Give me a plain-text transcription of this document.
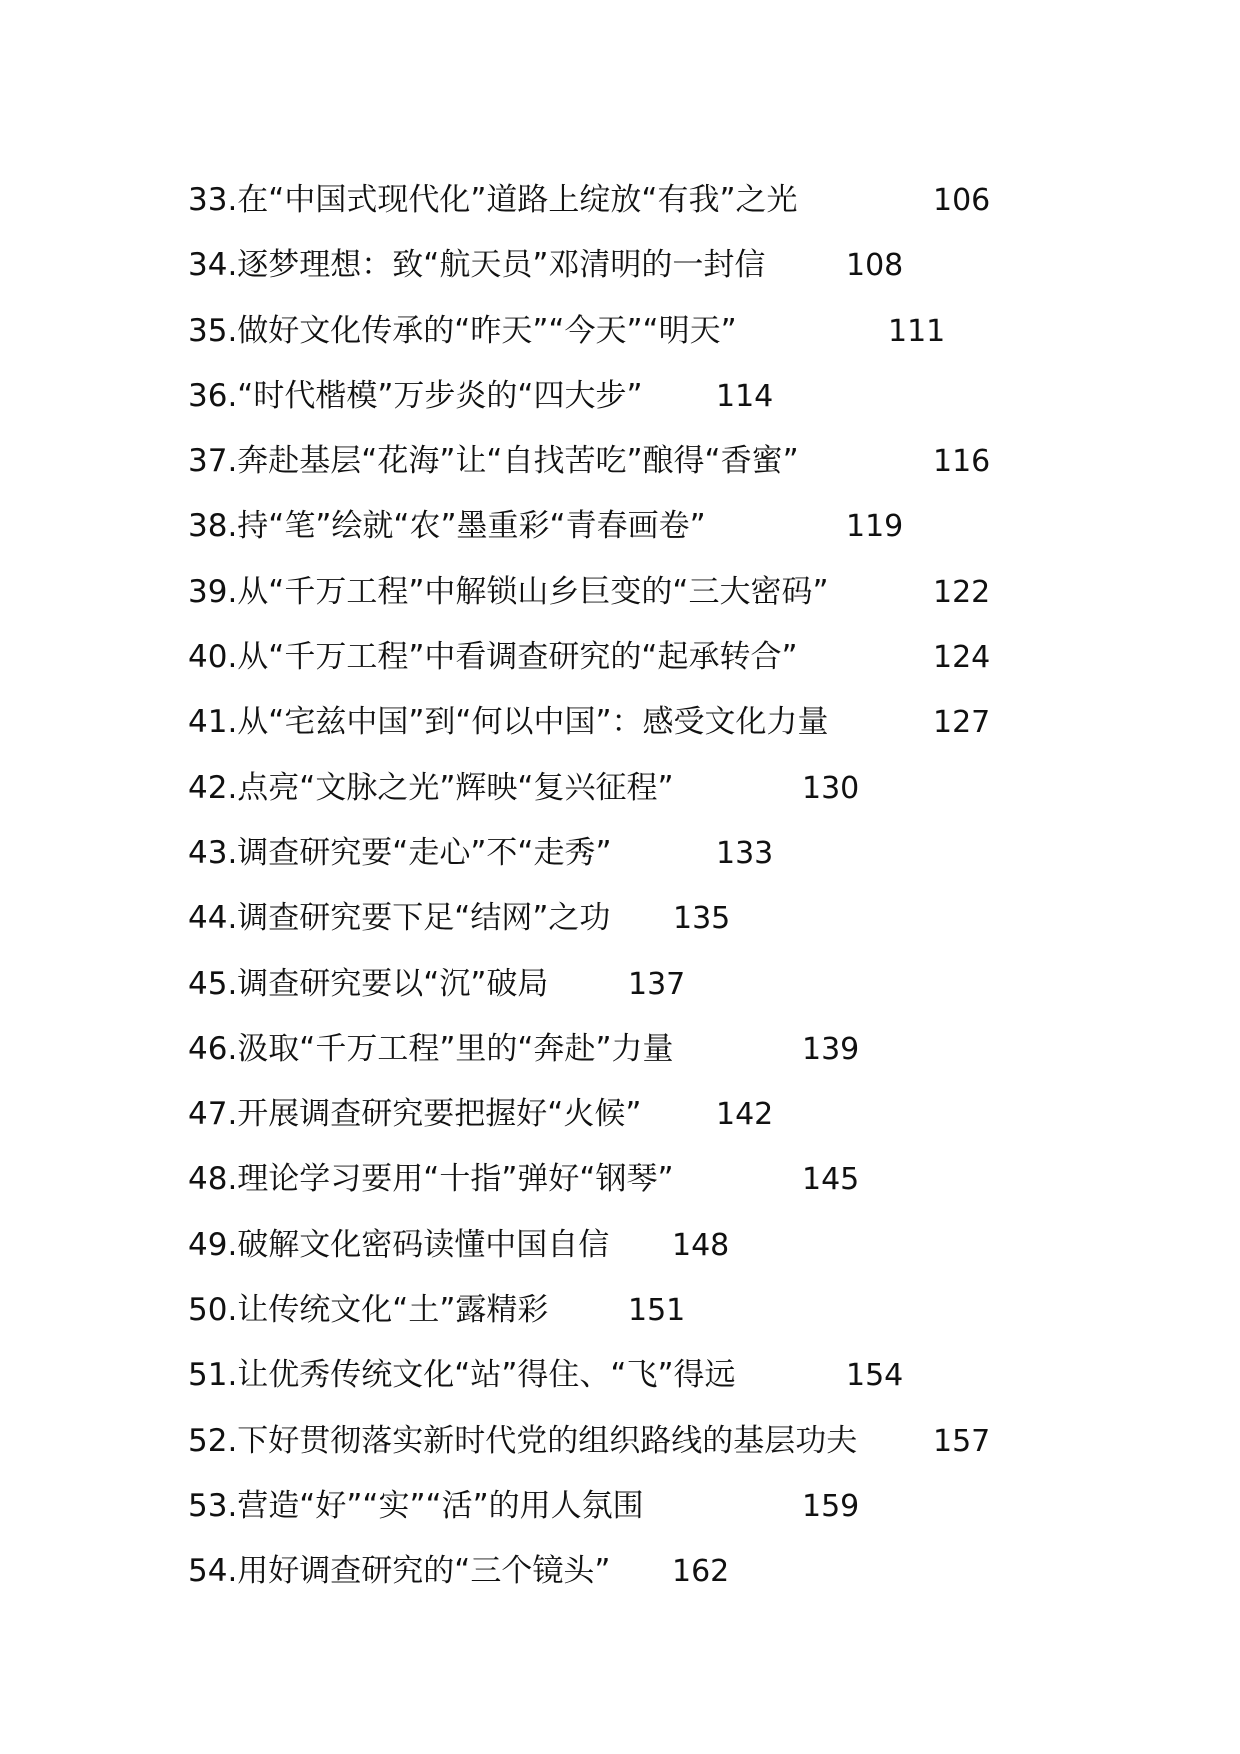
33.在“中国式现代化”道路上绽放“有我”之光	106
34.逐梦理想：致“航天员”邓清明的一封信	108
35.做好文化传承的“昨天”“今天”“明天”	111
36.“时代楷模”万步炎的“四大步” 114
37.奔赴基层“花海”让“自找苦吃”酿得“香蜜”	116
38.持“笔”绘就“农”墨重彩“青春画卷”	119
39.从“千万工程”中解锁山乡巨变的“三大密码”	122
40.从“千万工程”中看调查研究的“起承转合”	124
41.从“宅兹中国”到“何以中国”：感受文化力量	127
42.点亮“文脉之光”辉映“复兴征程”	130
43.调查研究要“走心”不“走秀”	133
44.调查研究要下足“结网”之功 135
45.调查研究要以“沉”破局	137
46.汲取“千万工程”里的“奔赴”力量	139
47.开展调查研究要把握好“火候” 142
48.理论学习要用“十指”弹好“钢琴”	145
49.破解文化密码读懂中国自信 148
50.让传统文化“土”露精彩	151
51.让优秀传统文化“站”得住、“飞”得远	154
52.下好贯彻落实新时代党的组织路线的基层功夫	157
53.营造“好”“实”“活”的用人氛围	159
54.用好调查研究的“三个镜头” 162
